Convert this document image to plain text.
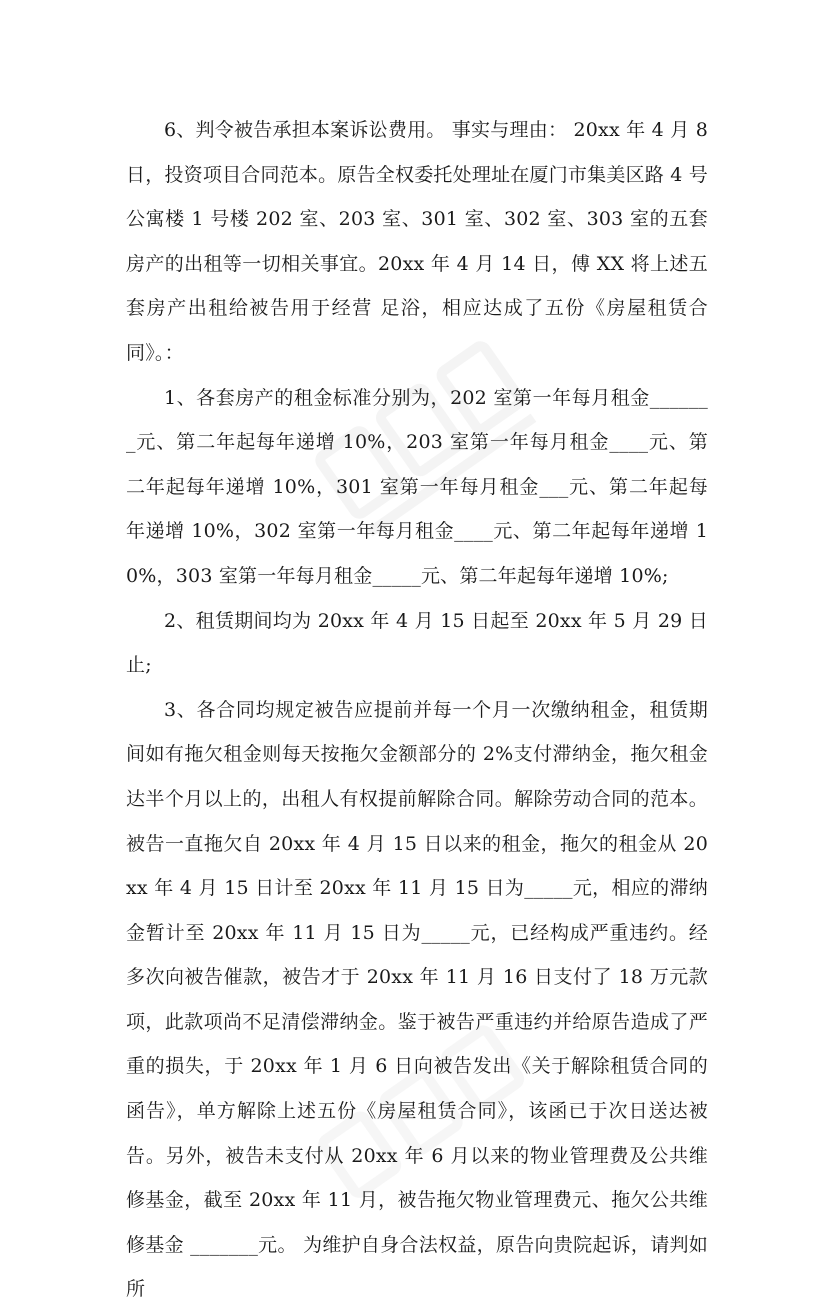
6、判令被告承担本案诉讼费用。 事实与理由： 20xx 年 4 月 8 日，投资项目合同范本。原告全权委托处理址在厦门市集美区路 4 号公寓楼 1 号楼 202 室、203 室、301 室、302 室、303 室的五套房产的出租等一切相关事宜。20xx 年 4 月 14 日，傅 XX 将上述五套房产出租给被告用于经营 足浴，相应达成了五份《房屋租赁合同》。：

1、各套房产的租金标准分别为，202 室第一年每月租金_______元、第二年起每年递增 10%，203 室第一年每月租金____元、第二年起每年递增 10%，301 室第一年每月租金___元、第二年起每年递增 10%，302 室第一年每月租金____元、第二年起每年递增 10%，303 室第一年每月租金_____元、第二年起每年递增 10%;

2、租赁期间均为 20xx 年 4 月 15 日起至 20xx 年 5 月 29 日止;

3、各合同均规定被告应提前并每一个月一次缴纳租金，租赁期间如有拖欠租金则每天按拖欠金额部分的 2%支付滞纳金，拖欠租金达半个月以上的，出租人有权提前解除合同。解除劳动合同的范本。 被告一直拖欠自 20xx 年 4 月 15 日以来的租金，拖欠的租金从 20xx 年 4 月 15 日计至 20xx 年 11 月 15 日为_____元，相应的滞纳金暂计至 20xx 年 11 月 15 日为_____元，已经构成严重违约。经多次向被告催款，被告才于 20xx 年 11 月 16 日支付了 18 万元款项，此款项尚不足清偿滞纳金。鉴于被告严重违约并给原告造成了严重的损失，于 20xx 年 1 月 6 日向被告发出《关于解除租赁合同的函告》，单方解除上述五份《房屋租赁合同》，该函已于次日送达被告。另外，被告未支付从 20xx 年 6 月以来的物业管理费及公共维修基金，截至 20xx 年 11 月，被告拖欠物业管理费元、拖欠公共维修基金 _______元。 为维护自身合法权益，原告向贵院起诉，请判如所
